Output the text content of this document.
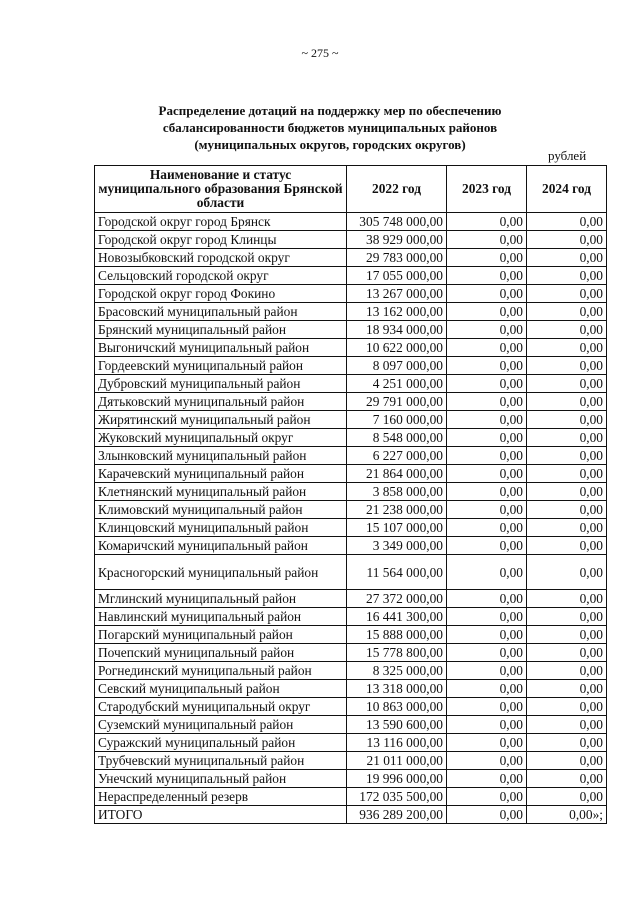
~ 275 ~
Распределение дотаций на поддержку мер по обеспечению
сбалансированности бюджетов муниципальных районов
(муниципальных округов, городских округов)
рублей
Наименование и статус муниципального образования Брянской области	2022 год	2023 год	2024 год
Городской округ город Брянск	305 748 000,00	0,00	0,00
Городской округ город Клинцы	38 929 000,00	0,00	0,00
Новозыбковский городской округ	29 783 000,00	0,00	0,00
Сельцовский городской округ	17 055 000,00	0,00	0,00
Городской округ город Фокино	13 267 000,00	0,00	0,00
Брасовский муниципальный район	13 162 000,00	0,00	0,00
Брянский муниципальный район	18 934 000,00	0,00	0,00
Выгоничский муниципальный район	10 622 000,00	0,00	0,00
Гордеевский муниципальный район	8 097 000,00	0,00	0,00
Дубровский муниципальный район	4 251 000,00	0,00	0,00
Дятьковский муниципальный район	29 791 000,00	0,00	0,00
Жирятинский муниципальный район	7 160 000,00	0,00	0,00
Жуковский муниципальный округ	8 548 000,00	0,00	0,00
Злынковский муниципальный район	6 227 000,00	0,00	0,00
Карачевский муниципальный район	21 864 000,00	0,00	0,00
Клетнянский муниципальный район	3 858 000,00	0,00	0,00
Климовский муниципальный район	21 238 000,00	0,00	0,00
Клинцовский муниципальный район	15 107 000,00	0,00	0,00
Комаричский муниципальный район	3 349 000,00	0,00	0,00
Красногорский муниципальный район	11 564 000,00	0,00	0,00
Мглинский муниципальный район	27 372 000,00	0,00	0,00
Навлинский муниципальный район	16 441 300,00	0,00	0,00
Погарский муниципальный район	15 888 000,00	0,00	0,00
Почепский муниципальный район	15 778 800,00	0,00	0,00
Рогнединский муниципальный район	8 325 000,00	0,00	0,00
Севский муниципальный район	13 318 000,00	0,00	0,00
Стародубский муниципальный округ	10 863 000,00	0,00	0,00
Суземский муниципальный район	13 590 600,00	0,00	0,00
Суражский муниципальный район	13 116 000,00	0,00	0,00
Трубчевский муниципальный район	21 011 000,00	0,00	0,00
Унечский муниципальный район	19 996 000,00	0,00	0,00
Нераспределенный резерв	172 035 500,00	0,00	0,00
ИТОГО	936 289 200,00	0,00	0,00»;
